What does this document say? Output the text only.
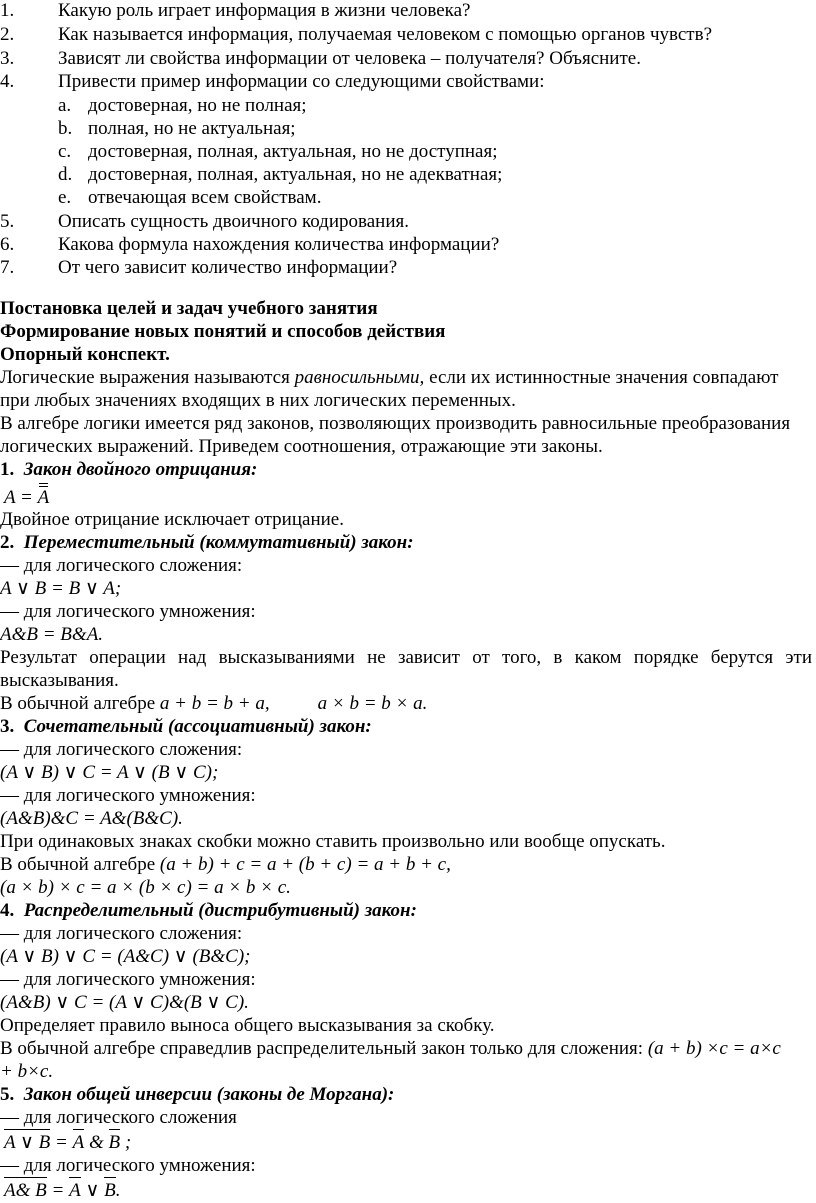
1. Какую роль играет информация в жизни человека?
2. Как называется информация, получаемая человеком с помощью органов чувств?
3. Зависят ли свойства информации от человека – получателя? Объясните.
4. Привести пример информации со следующими свойствами:
a. достоверная, но не полная;
b. полная, но не актуальная;
c. достоверная, полная, актуальная, но не доступная;
d. достоверная, полная, актуальная, но не адекватная;
e. отвечающая всем свойствам.
5. Описать сущность двоичного кодирования.
6. Какова формула нахождения количества информации?
7. От чего зависит количество информации?
Постановка целей и задач учебного занятия
Формирование новых понятий и способов действия
Опорный конспект.
Логические выражения называются равносильными, если их истинностные значения совпадают
при любых значениях входящих в них логических переменных.
В алгебре логики имеется ряд законов, позволяющих производить равносильные преобразования
логических выражений. Приведем соотношения, отражающие эти законы.
1. Закон двойного отрицания:
A = A
Двойное отрицание исключает отрицание.
2. Переместительный (коммутативный) закон:
— для логического сложения:
A ∨ B = B ∨ A;
— для логического умножения:
A&B = B&A.
Результат операции над высказываниями не зависит от того, в каком порядке берутся эти
высказывания.
В обычной алгебре a + b = b + a,	a × b = b × a.
3. Сочетательный (ассоциативный) закон:
— для логического сложения:
(A ∨ B) ∨ C = A ∨ (B ∨ C);
— для логического умножения:
(A&B)&C = A&(B&C).
При одинаковых знаках скобки можно ставить произвольно или вообще опускать.
В обычной алгебре (a + b) + c = a + (b + c) = a + b + c,
(a × b) × c = a × (b × c) = a × b × c.
4. Распределительный (дистрибутивный) закон:
— для логического сложения:
(A ∨ B) ∨ C = (A&C) ∨ (B&C);
— для логического умножения:
(A&B) ∨ C = (A ∨ C)&(B ∨ C).
Определяет правило выноса общего высказывания за скобку.
В обычной алгебре справедлив распределительный закон только для сложения: (a + b) ×c = a×c
+ b×c.
5. Закон общей инверсии (законы де Моргана):
— для логического сложения
A ∨ B = A & B ;
— для логического умножения:
A& B = A ∨ B.
